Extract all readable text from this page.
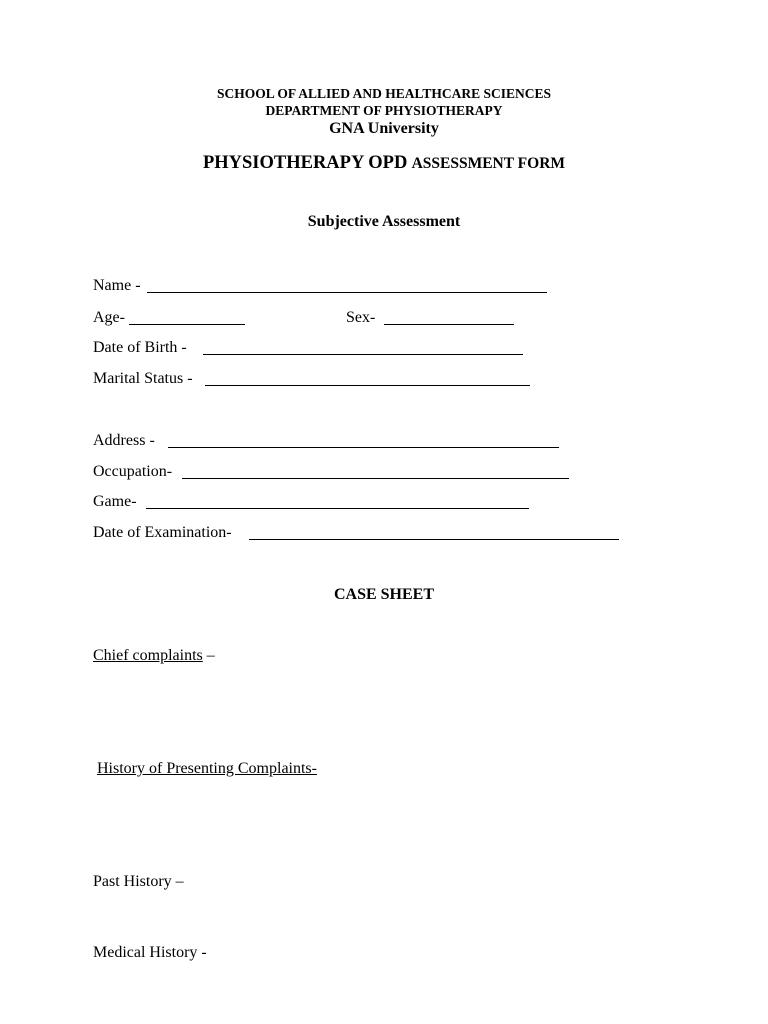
SCHOOL OF ALLIED AND HEALTHCARE SCIENCES
DEPARTMENT OF PHYSIOTHERAPY
GNA University
PHYSIOTHERAPY OPD ASSESSMENT FORM
Subjective Assessment
Name -
Age-	Sex-
Date of Birth -
Marital Status -
Address -
Occupation-
Game-
Date of Examination-
CASE SHEET
Chief complaints –
History of Presenting Complaints-
Past History –
Medical History -
